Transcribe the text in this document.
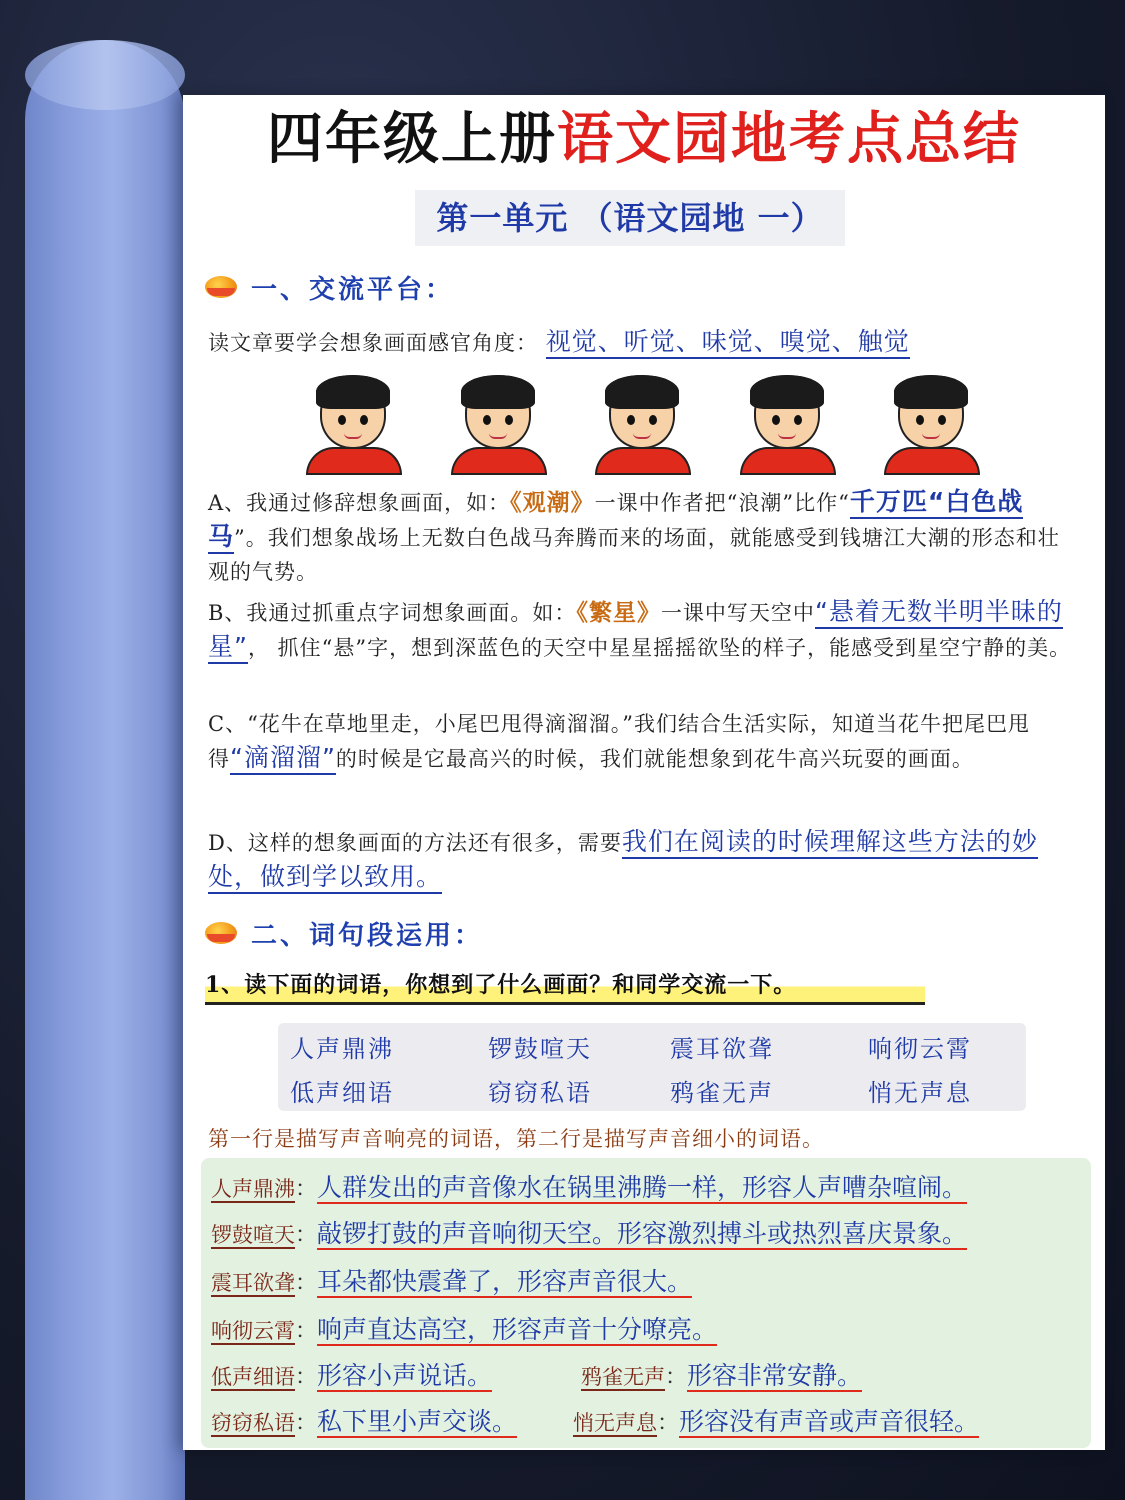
四年级上册语文园地考点总结
第一单元 （语文园地 一）
一、交流平台：
读文章要学会想象画面感官角度： 视觉、听觉、味觉、嗅觉、触觉
A、我通过修辞想象画面，如：《观潮》一课中作者把“浪潮”比作“千万匹“白色战马”。我们想象战场上无数白色战马奔腾而来的场面，就能感受到钱塘江大潮的形态和壮观的气势。
B、我通过抓重点字词想象画面。如：《繁星》一课中写天空中“悬着无数半明半昧的星”， 抓住“悬”字，想到深蓝色的天空中星星摇摇欲坠的样子，能感受到星空宁静的美。
C、“花牛在草地里走，小尾巴甩得滴溜溜。”我们结合生活实际，知道当花牛把尾巴甩得“滴溜溜”的时候是它最高兴的时候，我们就能想象到花牛高兴玩耍的画面。
D、这样的想象画面的方法还有很多，需要我们在阅读的时候理解这些方法的妙处，做到学以致用。
二、词句段运用：
1、读下面的词语，你想到了什么画面？和同学交流一下。
人声鼎沸	锣鼓喧天	震耳欲聋	响彻云霄
低声细语	窃窃私语	鸦雀无声	悄无声息
第一行是描写声音响亮的词语，第二行是描写声音细小的词语。
人声鼎沸：人群发出的声音像水在锅里沸腾一样，形容人声嘈杂喧闹。
锣鼓喧天：敲锣打鼓的声音响彻天空。形容激烈搏斗或热烈喜庆景象。
震耳欲聋：耳朵都快震聋了，形容声音很大。
响彻云霄：响声直达高空，形容声音十分嘹亮。
低声细语：形容小声说话。	鸦雀无声：形容非常安静。
窃窃私语：私下里小声交谈。	悄无声息：形容没有声音或声音很轻。
